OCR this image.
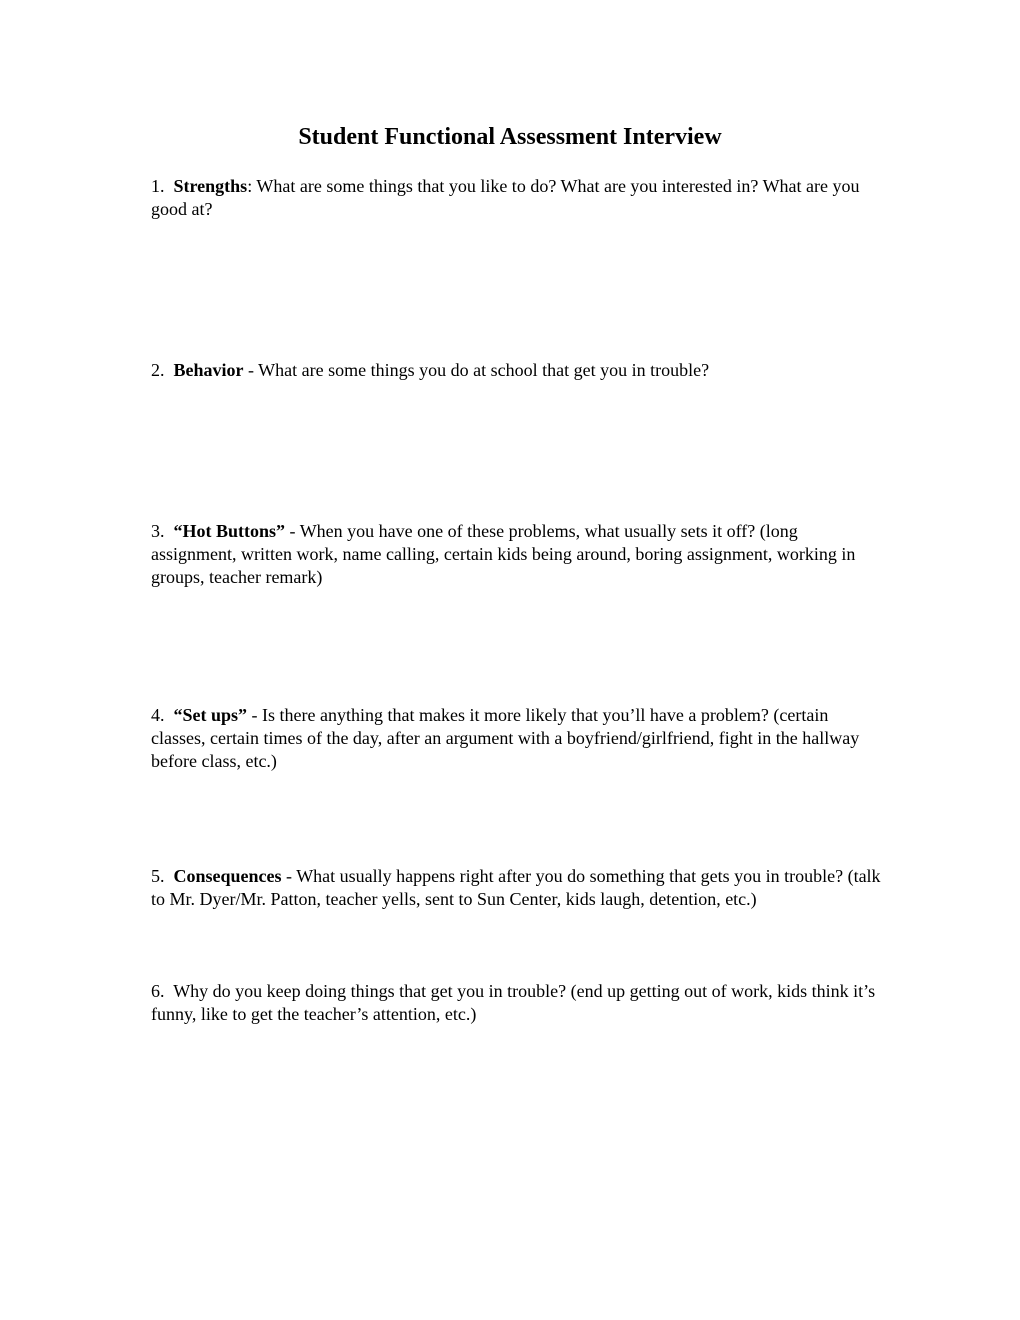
Student Functional Assessment Interview

1. Strengths: What are some things that you like to do? What are you interested in? What are you good at?

2. Behavior - What are some things you do at school that get you in trouble?

3. “Hot Buttons” - When you have one of these problems, what usually sets it off? (long assignment, written work, name calling, certain kids being around, boring assignment, working in groups, teacher remark)

4. “Set ups” - Is there anything that makes it more likely that you’ll have a problem? (certain classes, certain times of the day, after an argument with a boyfriend/girlfriend, fight in the hallway before class, etc.)

5. Consequences - What usually happens right after you do something that gets you in trouble? (talk to Mr. Dyer/Mr. Patton, teacher yells, sent to Sun Center, kids laugh, detention, etc.)

6. Why do you keep doing things that get you in trouble? (end up getting out of work, kids think it’s funny, like to get the teacher’s attention, etc.)
